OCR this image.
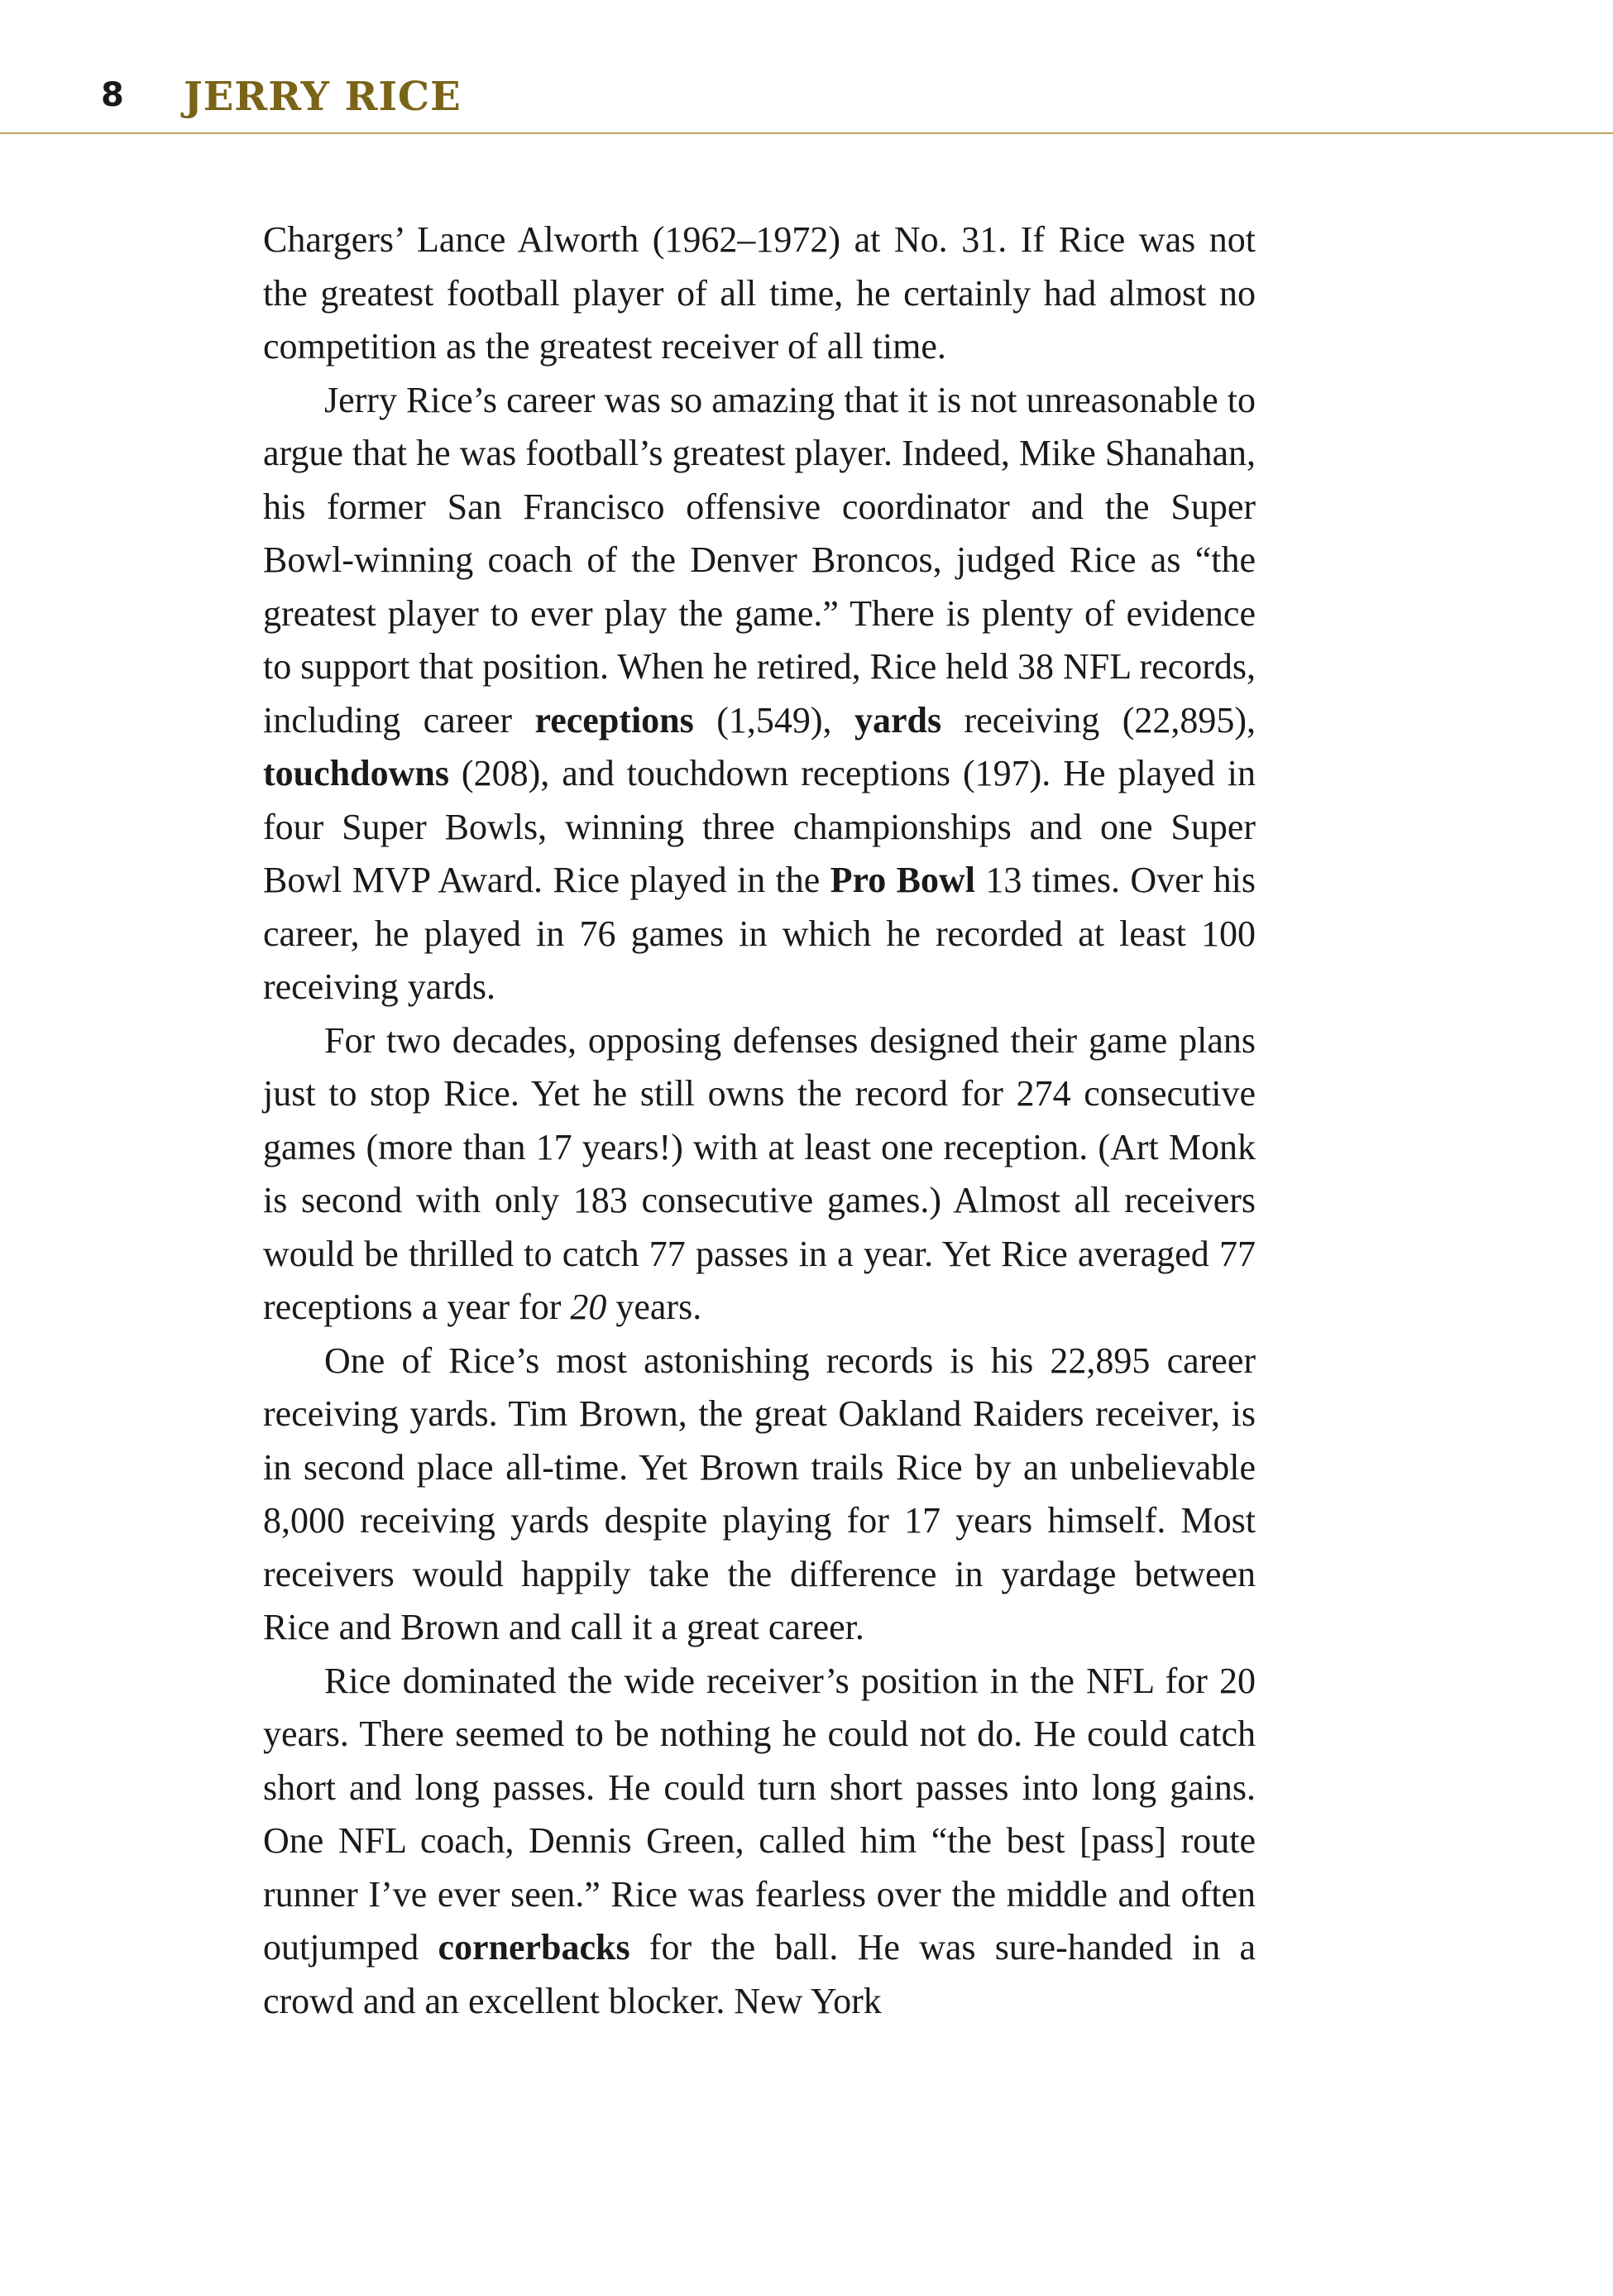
8 JERRY RICE

Chargers’ Lance Alworth (1962–1972) at No. 31. If Rice was not the greatest football player of all time, he certainly had almost no competition as the greatest receiver of all time.

Jerry Rice’s career was so amazing that it is not unreasonable to argue that he was football’s greatest player. Indeed, Mike Shanahan, his former San Francisco offensive coordinator and the Super Bowl-winning coach of the Denver Broncos, judged Rice as “the greatest player to ever play the game.” There is plenty of evidence to support that position. When he retired, Rice held 38 NFL records, including career receptions (1,549), yards receiving (22,895), touchdowns (208), and touchdown receptions (197). He played in four Super Bowls, winning three championships and one Super Bowl MVP Award. Rice played in the Pro Bowl 13 times. Over his career, he played in 76 games in which he recorded at least 100 receiving yards.

For two decades, opposing defenses designed their game plans just to stop Rice. Yet he still owns the record for 274 consecutive games (more than 17 years!) with at least one reception. (Art Monk is second with only 183 consecutive games.) Almost all receivers would be thrilled to catch 77 passes in a year. Yet Rice averaged 77 receptions a year for 20 years.

One of Rice’s most astonishing records is his 22,895 career receiving yards. Tim Brown, the great Oakland Raiders receiver, is in second place all-time. Yet Brown trails Rice by an unbelievable 8,000 receiving yards despite playing for 17 years himself. Most receivers would happily take the difference in yardage between Rice and Brown and call it a great career.

Rice dominated the wide receiver’s position in the NFL for 20 years. There seemed to be nothing he could not do. He could catch short and long passes. He could turn short passes into long gains. One NFL coach, Dennis Green, called him “the best [pass] route runner I’ve ever seen.” Rice was fearless over the middle and often outjumped cornerbacks for the ball. He was sure-handed in a crowd and an excellent blocker. New York
